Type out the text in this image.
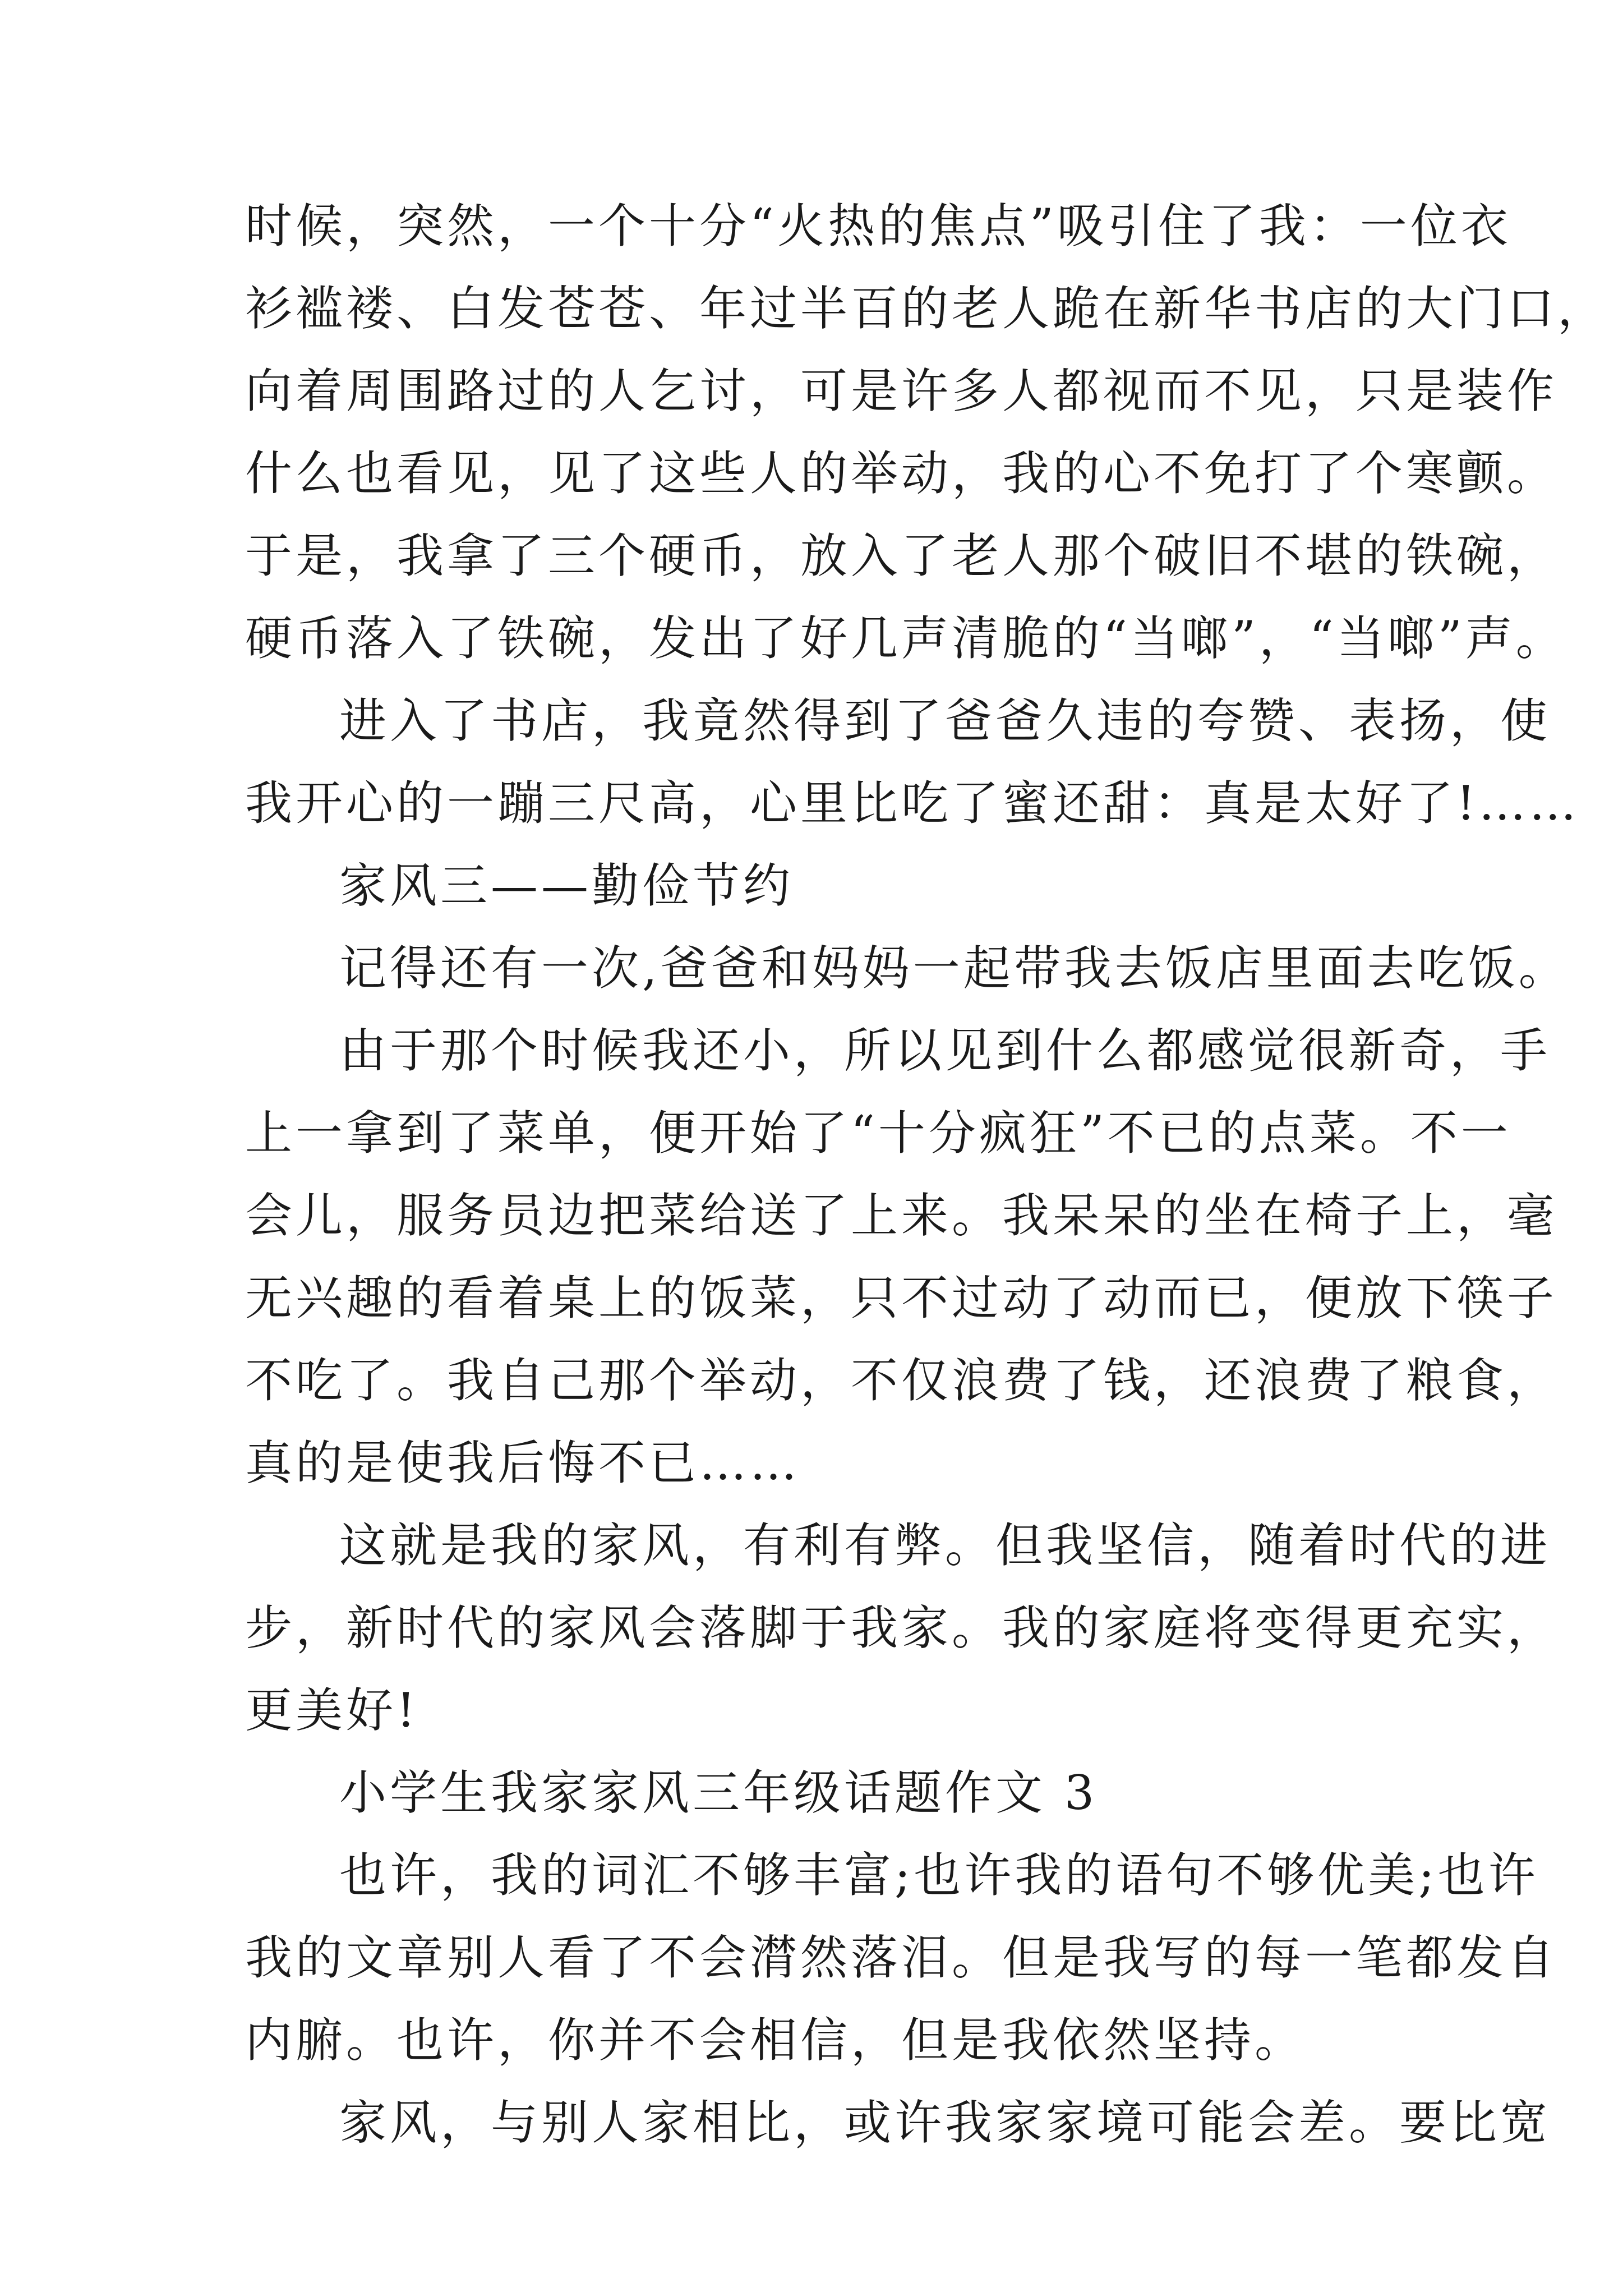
时候，突然，一个十分“火热的焦点”吸引住了我：一位衣
衫褴褛、白发苍苍、年过半百的老人跪在新华书店的大门口，
向着周围路过的人乞讨，可是许多人都视而不见，只是装作
什么也看见，见了这些人的举动，我的心不免打了个寒颤。
于是，我拿了三个硬币，放入了老人那个破旧不堪的铁碗，
硬币落入了铁碗，发出了好几声清脆的“当啷”，“当啷”声。
进入了书店，我竟然得到了爸爸久违的夸赞、表扬，使
我开心的一蹦三尺高，心里比吃了蜜还甜：真是太好了!……
家风三——勤俭节约
记得还有一次,爸爸和妈妈一起带我去饭店里面去吃饭。
由于那个时候我还小，所以见到什么都感觉很新奇，手
上一拿到了菜单，便开始了“十分疯狂”不已的点菜。不一
会儿，服务员边把菜给送了上来。我呆呆的坐在椅子上，毫
无兴趣的看着桌上的饭菜，只不过动了动而已，便放下筷子
不吃了。我自己那个举动，不仅浪费了钱，还浪费了粮食，
真的是使我后悔不已……
这就是我的家风，有利有弊。但我坚信，随着时代的进
步，新时代的家风会落脚于我家。我的家庭将变得更充实，
更美好!
小学生我家家风三年级话题作文 3
也许，我的词汇不够丰富;也许我的语句不够优美;也许
我的文章别人看了不会潸然落泪。但是我写的每一笔都发自
内腑。也许，你并不会相信，但是我依然坚持。
家风，与别人家相比，或许我家家境可能会差。要比宽
